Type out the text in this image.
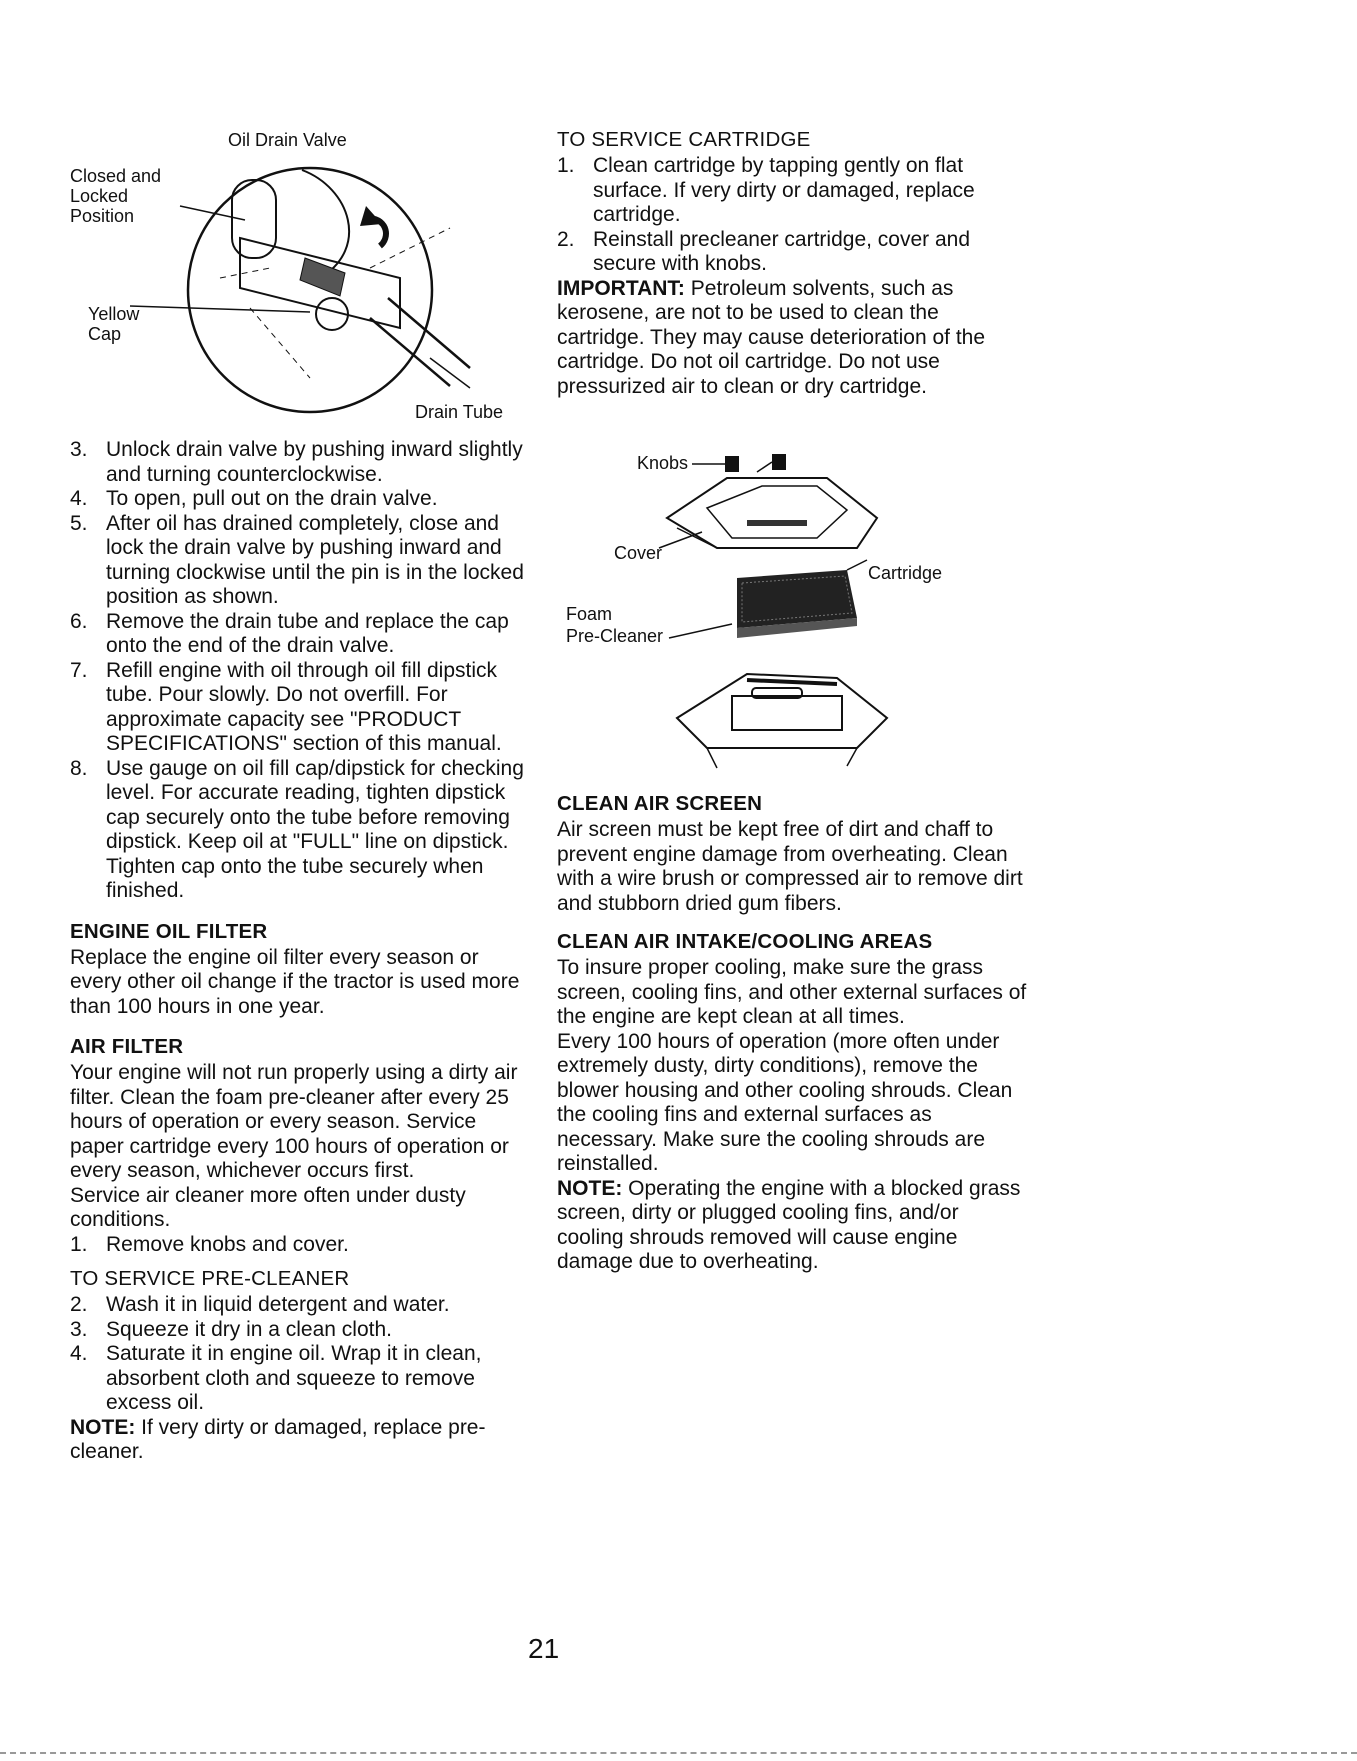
Oil Drain Valve
Closed and
Locked
Position
Yellow
Cap
Drain Tube
3. Unlock drain valve by pushing inward slightly and turning counterclockwise.
4. To open, pull out on the drain valve.
5. After oil has drained completely, close and lock the drain valve by pushing inward and turning clockwise until the pin is in the locked position as shown.
6. Remove the drain tube and replace the cap onto the end of the drain valve.
7. Refill engine with oil through oil fill dipstick tube. Pour slowly. Do not overfill. For approximate capacity see "PRODUCT SPECIFICATIONS" section of this manual.
8. Use gauge on oil fill cap/dipstick for checking level. For accurate reading, tighten dipstick cap securely onto the tube before removing dipstick. Keep oil at "FULL" line on dipstick. Tighten cap onto the tube securely when finished.
ENGINE OIL FILTER

Replace the engine oil filter every season or every other oil change if the tractor is used more than 100 hours in one year.

AIR FILTER

Your engine will not run properly using a dirty air filter. Clean the foam pre-cleaner after every 25 hours of operation or every season. Service paper cartridge every 100 hours of operation or every season, whichever occurs first.

Service air cleaner more often under dusty conditions.

1. Remove knobs and cover.
TO SERVICE PRE-CLEANER
2. Wash it in liquid detergent and water.
3. Squeeze it dry in a clean cloth.
4. Saturate it in engine oil. Wrap it in clean, absorbent cloth and squeeze to remove excess oil.

NOTE: If very dirty or damaged, replace pre-cleaner.

TO SERVICE CARTRIDGE
1. Clean cartridge by tapping gently on flat surface. If very dirty or damaged, replace cartridge.
2. Reinstall precleaner cartridge, cover and secure with knobs.

IMPORTANT: Petroleum solvents, such as kerosene, are not to be used to clean the cartridge. They may cause deterioration of the cartridge. Do not oil cartridge. Do not use pressurized air to clean or dry cartridge.

Knobs
Cover
Cartridge
Foam
Pre-Cleaner
CLEAN AIR SCREEN

Air screen must be kept free of dirt and chaff to prevent engine damage from overheating. Clean with a wire brush or compressed air to remove dirt and stubborn dried gum fibers.

CLEAN AIR INTAKE/COOLING AREAS

To insure proper cooling, make sure the grass screen, cooling fins, and other external surfaces of the engine are kept clean at all times.

Every 100 hours of operation (more often under extremely dusty, dirty conditions), remove the blower housing and other cooling shrouds. Clean the cooling fins and external surfaces as necessary. Make sure the cooling shrouds are reinstalled.

NOTE: Operating the engine with a blocked grass screen, dirty or plugged cooling fins, and/or cooling shrouds removed will cause engine damage due to overheating.

21
